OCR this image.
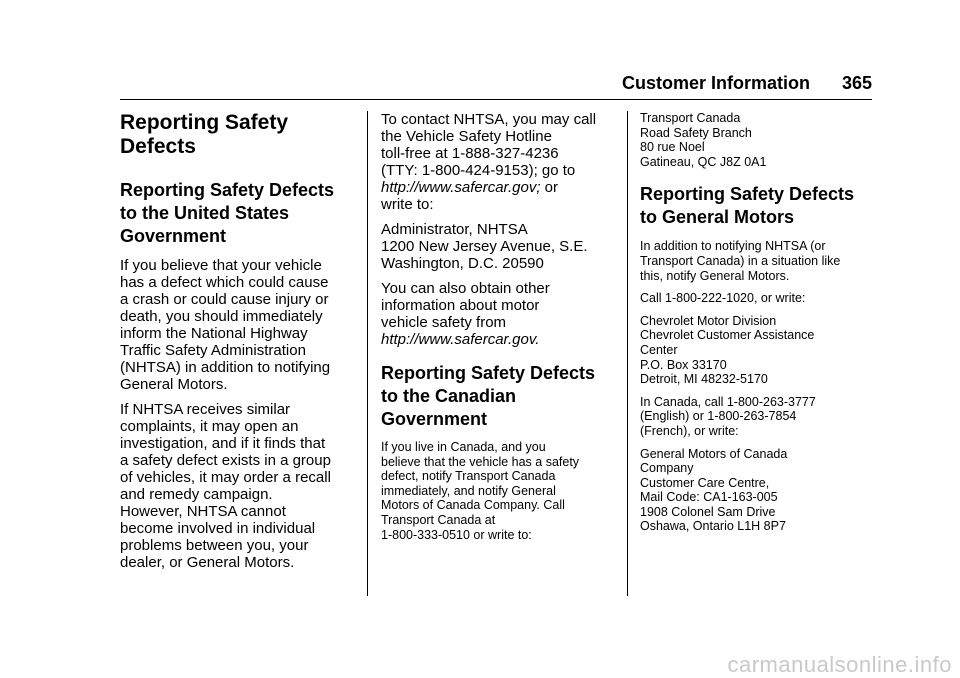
Customer Information 365
Reporting Safety
Defects
Reporting Safety Defects
to the United States
Government

If you believe that your vehicle
has a defect which could cause
a crash or could cause injury or
death, you should immediately
inform the National Highway
Traffic Safety Administration
(NHTSA) in addition to notifying
General Motors.

If NHTSA receives similar
complaints, it may open an
investigation, and if it finds that
a safety defect exists in a group
of vehicles, it may order a recall
and remedy campaign.
However, NHTSA cannot
become involved in individual
problems between you, your
dealer, or General Motors.

To contact NHTSA, you may call
the Vehicle Safety Hotline
toll-free at 1-888-327-4236
(TTY: 1-800-424-9153); go to
http://www.safercar.gov; or
write to:

Administrator, NHTSA
1200 New Jersey Avenue, S.E.
Washington, D.C. 20590

You can also obtain other
information about motor
vehicle safety from
http://www.safercar.gov.

Reporting Safety Defects
to the Canadian
Government

If you live in Canada, and you
believe that the vehicle has a safety
defect, notify Transport Canada
immediately, and notify General
Motors of Canada Company. Call
Transport Canada at
1-800-333-0510 or write to:

Transport Canada
Road Safety Branch
80 rue Noel
Gatineau, QC J8Z 0A1

Reporting Safety Defects
to General Motors

In addition to notifying NHTSA (or
Transport Canada) in a situation like
this, notify General Motors.

Call 1-800-222-1020, or write:

Chevrolet Motor Division
Chevrolet Customer Assistance
Center
P.O. Box 33170
Detroit, MI 48232-5170

In Canada, call 1-800-263-3777
(English) or 1-800-263-7854
(French), or write:

General Motors of Canada
Company
Customer Care Centre,
Mail Code: CA1-163-005
1908 Colonel Sam Drive
Oshawa, Ontario L1H 8P7

carmanualsonline.info
